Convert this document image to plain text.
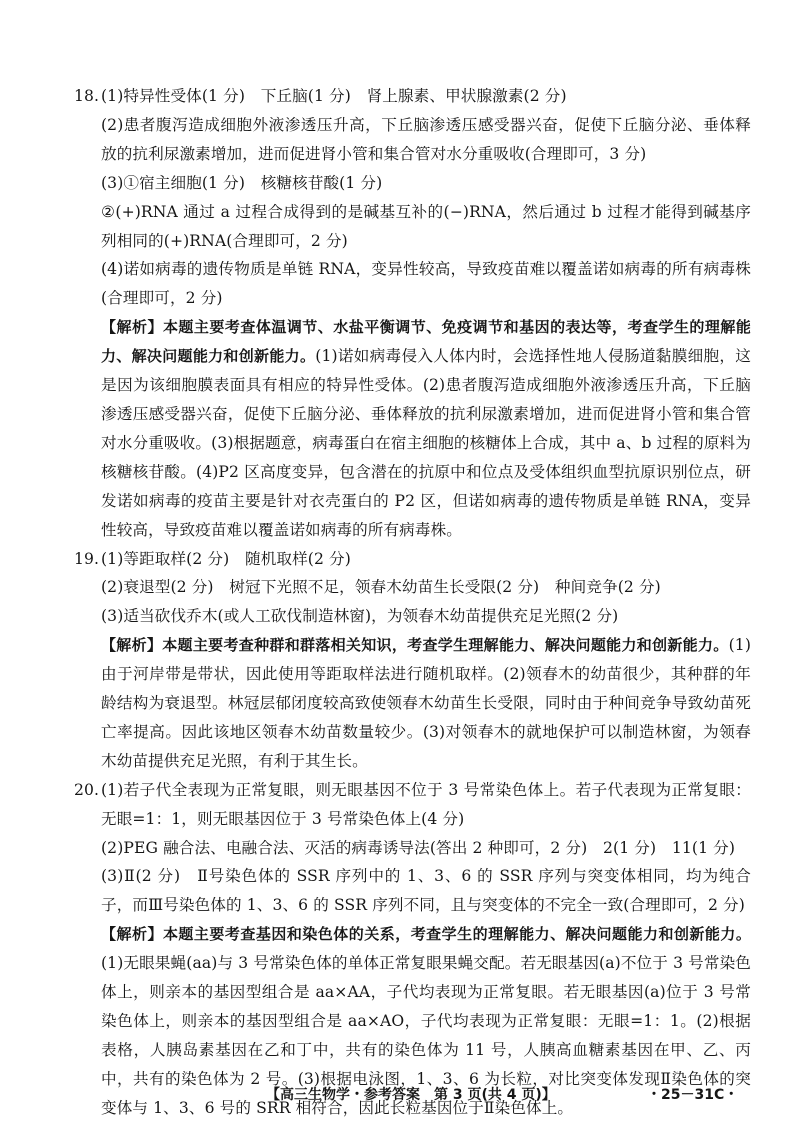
18. (1)特异性受体(1 分)　下丘脑(1 分)　肾上腺素、甲状腺激素(2 分)

(2)患者腹泻造成细胞外液渗透压升高，下丘脑渗透压感受器兴奋，促使下丘脑分泌、垂体释放的抗利尿激素增加，进而促进肾小管和集合管对水分重吸收(合理即可，3 分)

(3)①宿主细胞(1 分)　核糖核苷酸(1 分)

②(+)RNA 通过 a 过程合成得到的是碱基互补的(−)RNA，然后通过 b 过程才能得到碱基序列相同的(+)RNA(合理即可，2 分)

(4)诺如病毒的遗传物质是单链 RNA，变异性较高，导致疫苗难以覆盖诺如病毒的所有病毒株(合理即可，2 分)

【解析】本题主要考查体温调节、水盐平衡调节、免疫调节和基因的表达等，考查学生的理解能力、解决问题能力和创新能力。(1)诺如病毒侵入人体内时，会选择性地人侵肠道黏膜细胞，这是因为该细胞膜表面具有相应的特异性受体。(2)患者腹泻造成细胞外液渗透压升高，下丘脑渗透压感受器兴奋，促使下丘脑分泌、垂体释放的抗利尿激素增加，进而促进肾小管和集合管对水分重吸收。(3)根据题意，病毒蛋白在宿主细胞的核糖体上合成，其中 a、b 过程的原料为核糖核苷酸。(4)P2 区高度变异，包含潜在的抗原中和位点及受体组织血型抗原识别位点，研发诺如病毒的疫苗主要是针对衣壳蛋白的 P2 区，但诺如病毒的遗传物质是单链 RNA，变异性较高，导致疫苗难以覆盖诺如病毒的所有病毒株。

19. (1)等距取样(2 分)　随机取样(2 分)

(2)衰退型(2 分)　树冠下光照不足，领春木幼苗生长受限(2 分)　种间竞争(2 分)

(3)适当砍伐乔木(或人工砍伐制造林窗)，为领春木幼苗提供充足光照(2 分)

【解析】本题主要考查种群和群落相关知识，考查学生理解能力、解决问题能力和创新能力。(1)由于河岸带是带状，因此使用等距取样法进行随机取样。(2)领春木的幼苗很少，其种群的年龄结构为衰退型。林冠层郁闭度较高致使领春木幼苗生长受限，同时由于种间竞争导致幼苗死亡率提高。因此该地区领春木幼苗数量较少。(3)对领春木的就地保护可以制造林窗，为领春木幼苗提供充足光照，有利于其生长。

20. (1)若子代全表现为正常复眼，则无眼基因不位于 3 号常染色体上。若子代表现为正常复眼：无眼=1：1，则无眼基因位于 3 号常染色体上(4 分)

(2)PEG 融合法、电融合法、灭活的病毒诱导法(答出 2 种即可，2 分)　2(1 分)　11(1 分)

(3)Ⅱ(2 分)　Ⅱ号染色体的 SSR 序列中的 1、3、6 的 SSR 序列与突变体相同，均为纯合子，而Ⅲ号染色体的 1、3、6 的 SSR 序列不同，且与突变体的不完全一致(合理即可，2 分)

【解析】本题主要考查基因和染色体的关系，考查学生的理解能力、解决问题能力和创新能力。(1)无眼果蝇(aa)与 3 号常染色体的单体正常复眼果蝇交配。若无眼基因(a)不位于 3 号常染色体上，则亲本的基因型组合是 aa×AA，子代均表现为正常复眼。若无眼基因(a)位于 3 号常染色体上，则亲本的基因型组合是 aa×AO，子代均表现为正常复眼：无眼=1：1。(2)根据表格，人胰岛素基因在乙和丁中，共有的染色体为 11 号，人胰高血糖素基因在甲、乙、丙中，共有的染色体为 2 号。(3)根据电泳图，1、3、6 为长粒，对比突变体发现Ⅱ染色体的突变体与 1、3、6 号的 SRR 相符合，因此长粒基因位于Ⅱ染色体上。

【高三生物学・参考答案　第 3 页(共 4 页)】	・25－31C・
